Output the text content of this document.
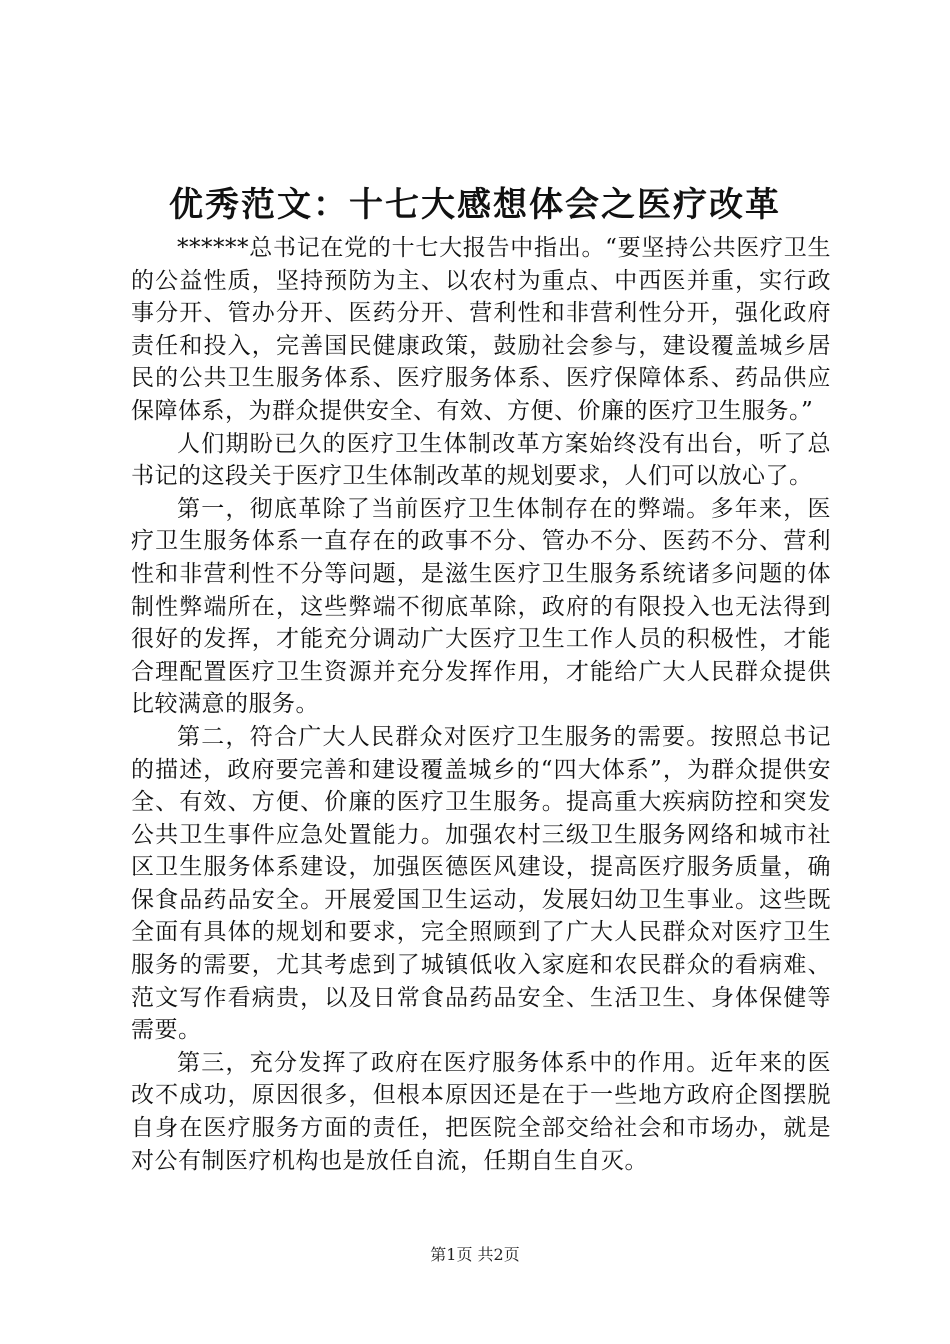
优秀范文：十七大感想体会之医疗改革

******总书记在党的十七大报告中指出。“要坚持公共医疗卫生的公益性质，坚持预防为主、以农村为重点、中西医并重，实行政事分开、管办分开、医药分开、营利性和非营利性分开，强化政府责任和投入，完善国民健康政策，鼓励社会参与，建设覆盖城乡居民的公共卫生服务体系、医疗服务体系、医疗保障体系、药品供应保障体系，为群众提供安全、有效、方便、价廉的医疗卫生服务。”

人们期盼已久的医疗卫生体制改革方案始终没有出台，听了总书记的这段关于医疗卫生体制改革的规划要求，人们可以放心了。

第一，彻底革除了当前医疗卫生体制存在的弊端。多年来，医疗卫生服务体系一直存在的政事不分、管办不分、医药不分、营利性和非营利性不分等问题，是滋生医疗卫生服务系统诸多问题的体制性弊端所在，这些弊端不彻底革除，政府的有限投入也无法得到很好的发挥，才能充分调动广大医疗卫生工作人员的积极性，才能合理配置医疗卫生资源并充分发挥作用，才能给广大人民群众提供比较满意的服务。

第二，符合广大人民群众对医疗卫生服务的需要。按照总书记的描述，政府要完善和建设覆盖城乡的“四大体系”，为群众提供安全、有效、方便、价廉的医疗卫生服务。提高重大疾病防控和突发公共卫生事件应急处置能力。加强农村三级卫生服务网络和城市社区卫生服务体系建设，加强医德医风建设，提高医疗服务质量，确保食品药品安全。开展爱国卫生运动，发展妇幼卫生事业。这些既全面有具体的规划和要求，完全照顾到了广大人民群众对医疗卫生服务的需要，尤其考虑到了城镇低收入家庭和农民群众的看病难、范文写作看病贵，以及日常食品药品安全、生活卫生、身体保健等需要。

第三，充分发挥了政府在医疗服务体系中的作用。近年来的医改不成功，原因很多，但根本原因还是在于一些地方政府企图摆脱自身在医疗服务方面的责任，把医院全部交给社会和市场办，就是对公有制医疗机构也是放任自流，任期自生自灭。

第1页 共2页
